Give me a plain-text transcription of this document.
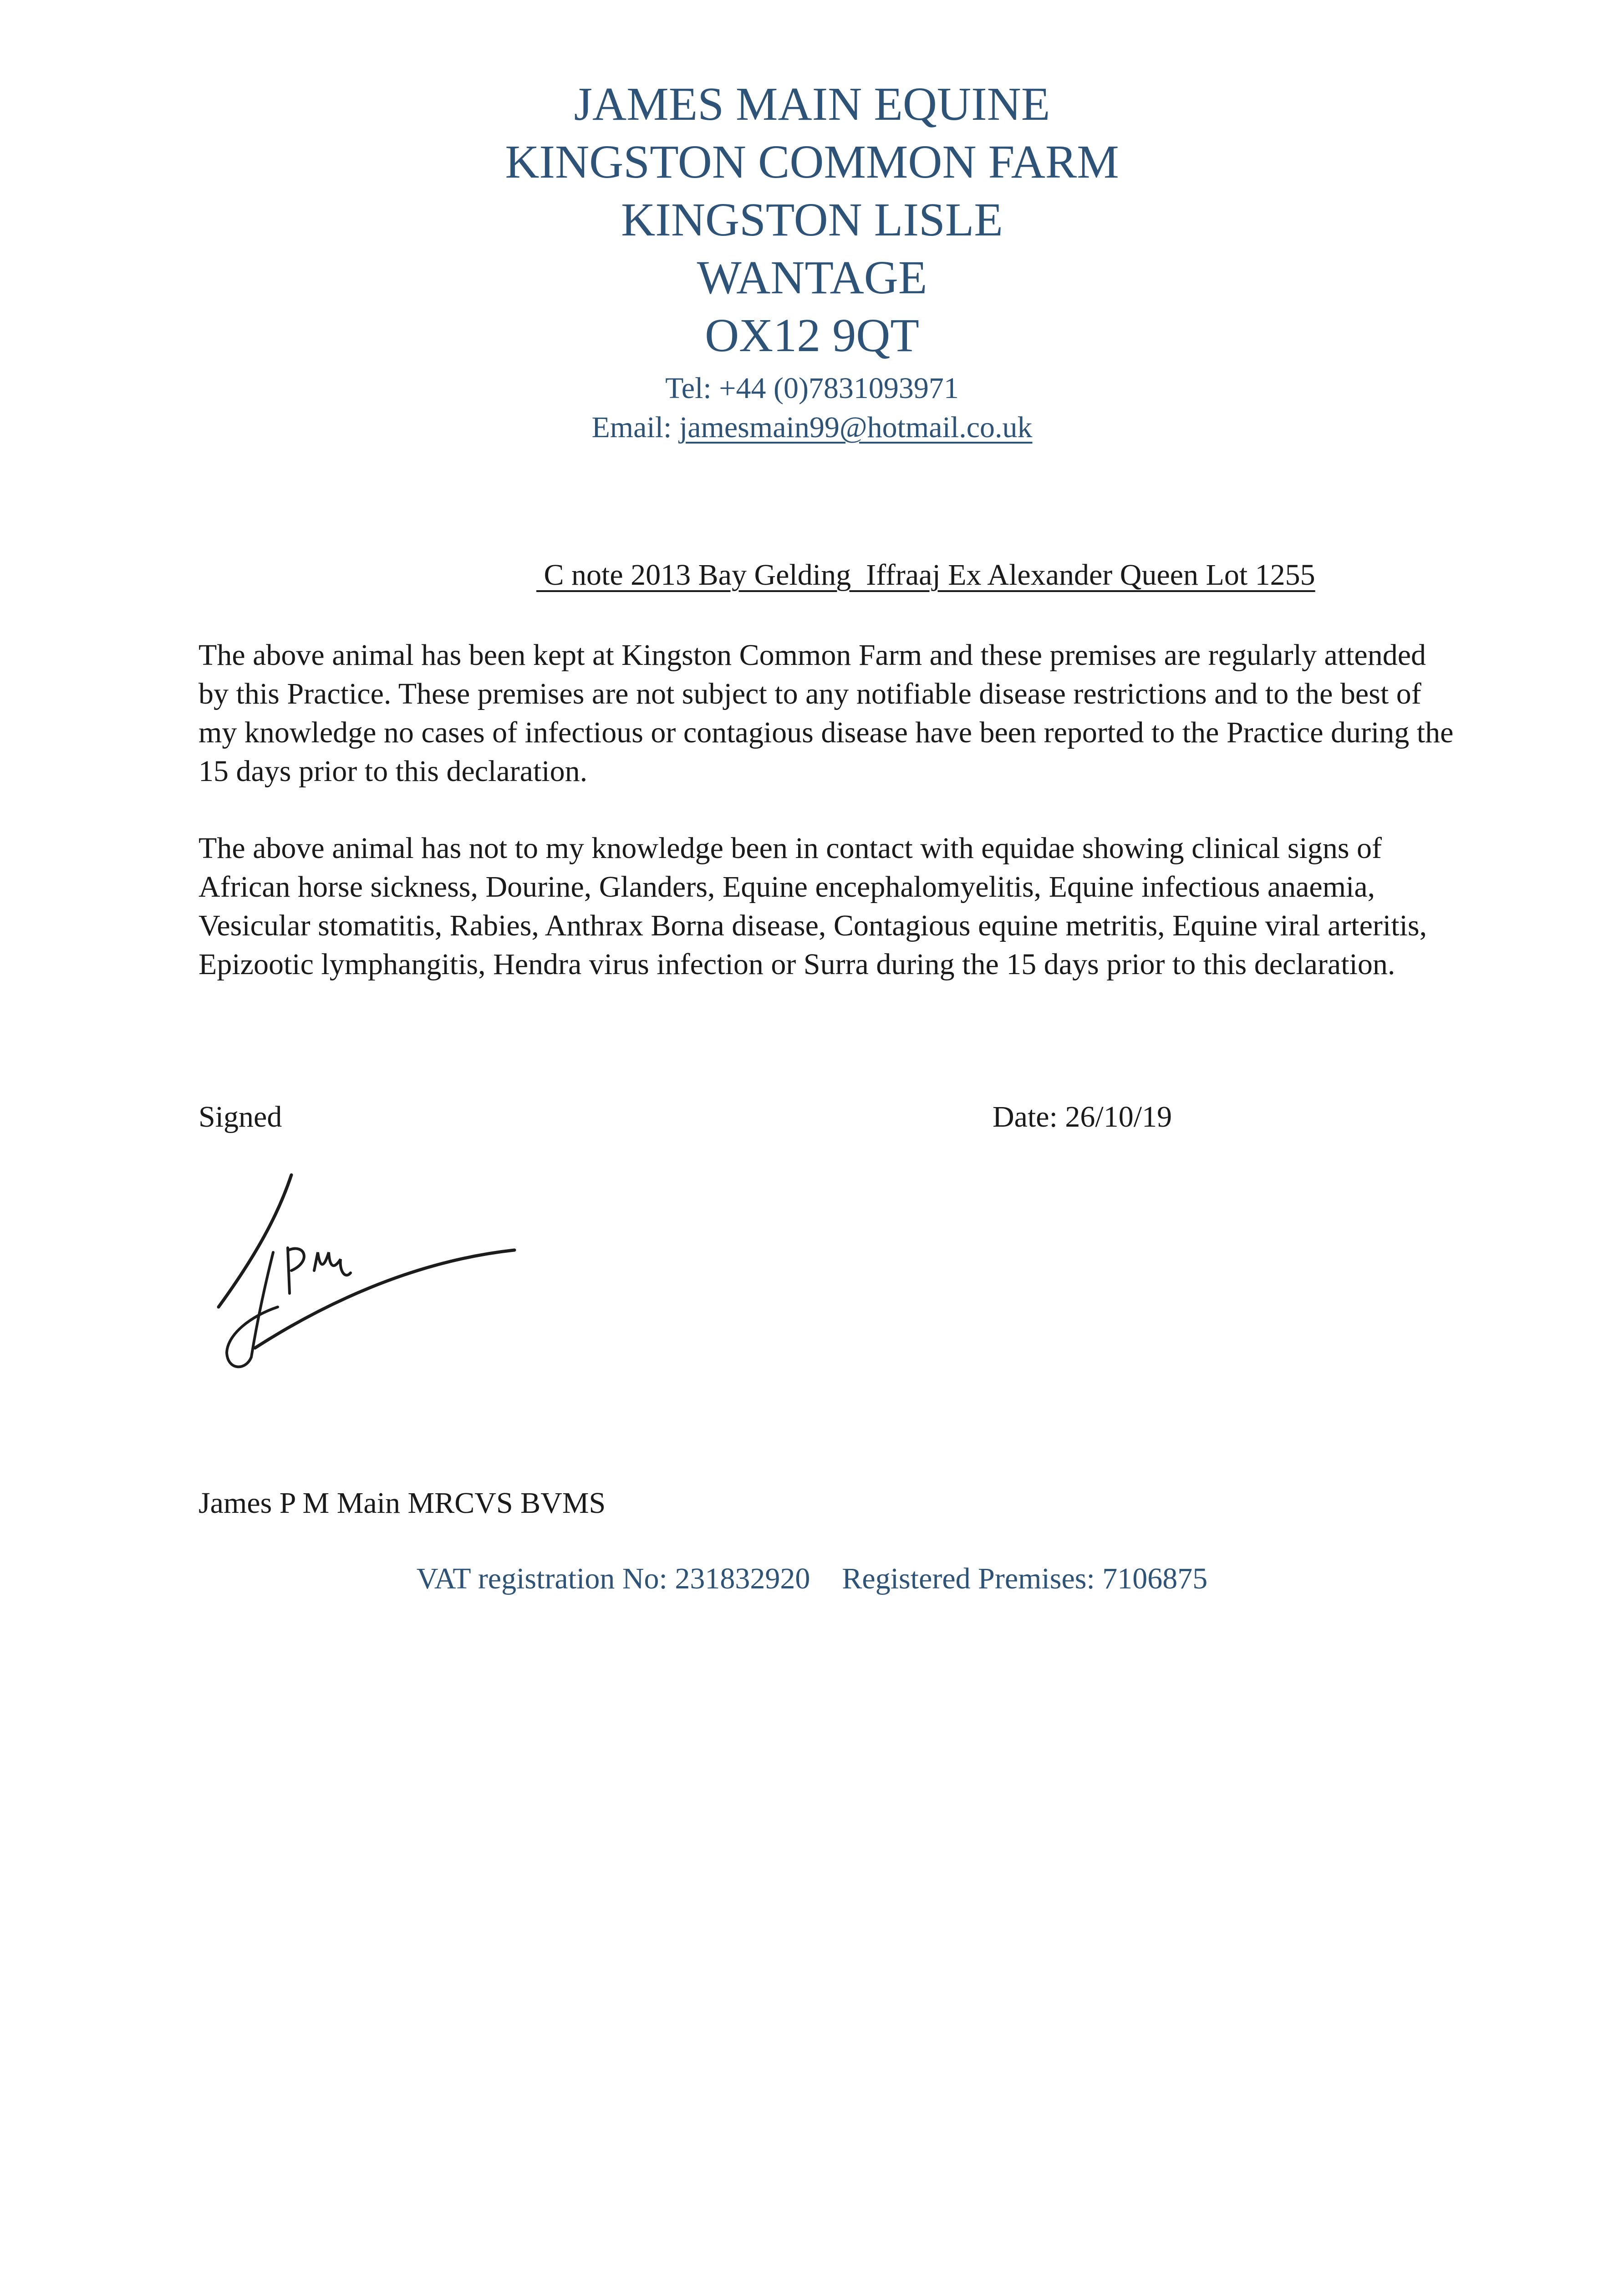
JAMES MAIN EQUINE
KINGSTON COMMON FARM
KINGSTON LISLE
WANTAGE
OX12 9QT
Tel: +44 (0)7831093971
Email: jamesmain99@hotmail.co.uk
C note 2013 Bay Gelding  Iffraaj Ex Alexander Queen Lot 1255

The above animal has been kept at Kingston Common Farm and these premises are regularly attended by this Practice. These premises are not subject to any notifiable disease restrictions and to the best of my knowledge no cases of infectious or contagious disease have been reported to the Practice during the 15 days prior to this declaration.

The above animal has not to my knowledge been in contact with equidae showing clinical signs of African horse sickness, Dourine, Glanders, Equine encephalomyelitis, Equine infectious anaemia, Vesicular stomatitis, Rabies, Anthrax Borna disease, Contagious equine metritis, Equine viral arteritis, Epizootic lymphangitis, Hendra virus infection or Surra during the 15 days prior to this declaration.

Signed	Date: 26/10/19
James P M Main MRCVS BVMS
VAT registration No: 231832920 Registered Premises: 7106875
